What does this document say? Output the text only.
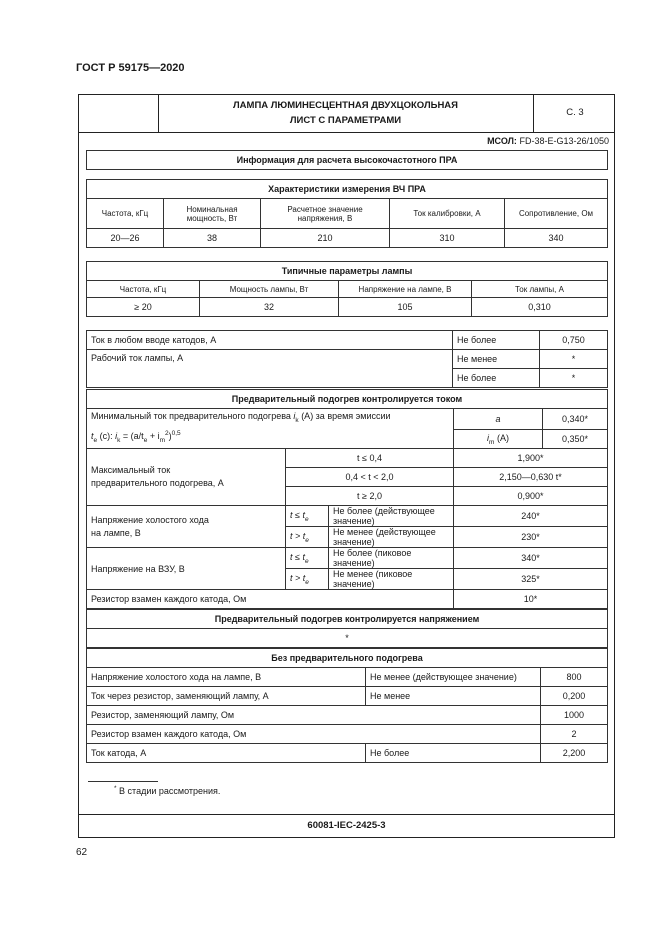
ГОСТ Р 59175—2020
ЛАМПА ЛЮМИНЕСЦЕНТНАЯ ДВУХЦОКОЛЬНАЯ
ЛИСТ С ПАРАМЕТРАМИ
С. 3
МСОЛ: FD-38-E-G13-26/1050
Информация для расчета высокочастотного ПРА
Характеристики измерения ВЧ ПРА				
Частота, кГц	Номинальная мощность, Вт	Расчетное значение напряжения, В	Ток калибровки, А	Сопротивление, Ом
20—26	38	210	310	340
Типичные параметры лампы			
Частота, кГц	Мощность лампы, Вт	Напряжение на лампе, В	Ток лампы, А
≥ 20	32	105	0,310
Ток в любом вводе катодов, А	Не более	0,750
Рабочий ток лампы, А	Не менее	*
	Не более	*
Предварительный подогрев контролируется током				
Минимальный ток предварительного подогрева $i_k$ (А) за время эмиссии
$t_e$ (с): $i_k = (a/t_e + i_m^2)^{0,5}$			a	0,340*
			$i_m$ (A)	0,350*

Максимальный ток
предварительного подогрева, А	t ≤ 0,4		1,900*	
	0,4 < t < 2,0		2,150—0,630 t*	
	t ≥ 2,0		0,900*	

Напряжение холостого хода
на лампе, В	$t \le t_e$	Не более (действующее значение)	240*	
	$t > t_e$	Не менее (действующее значение)	230*	
Напряжение на ВЗУ, В	$t \le t_e$	Не более (пиковое значение)	340*	
	$t > t_e$	Не менее (пиковое значение)	325*	
Резистор взамен каждого катода, Ом			10*	
Предварительный подогрев контролируется напряжением
*
Без предварительного подогрева		
Напряжение холостого хода на лампе, В	Не менее (действующее значение)	800
Ток через резистор, заменяющий лампу, А	Не менее	0,200
Резистор, заменяющий лампу, Ом		1000
Резистор взамен каждого катода, Ом		2
Ток катода, А	Не более	2,200
* В стадии рассмотрения.
60081-IEC-2425-3
62
